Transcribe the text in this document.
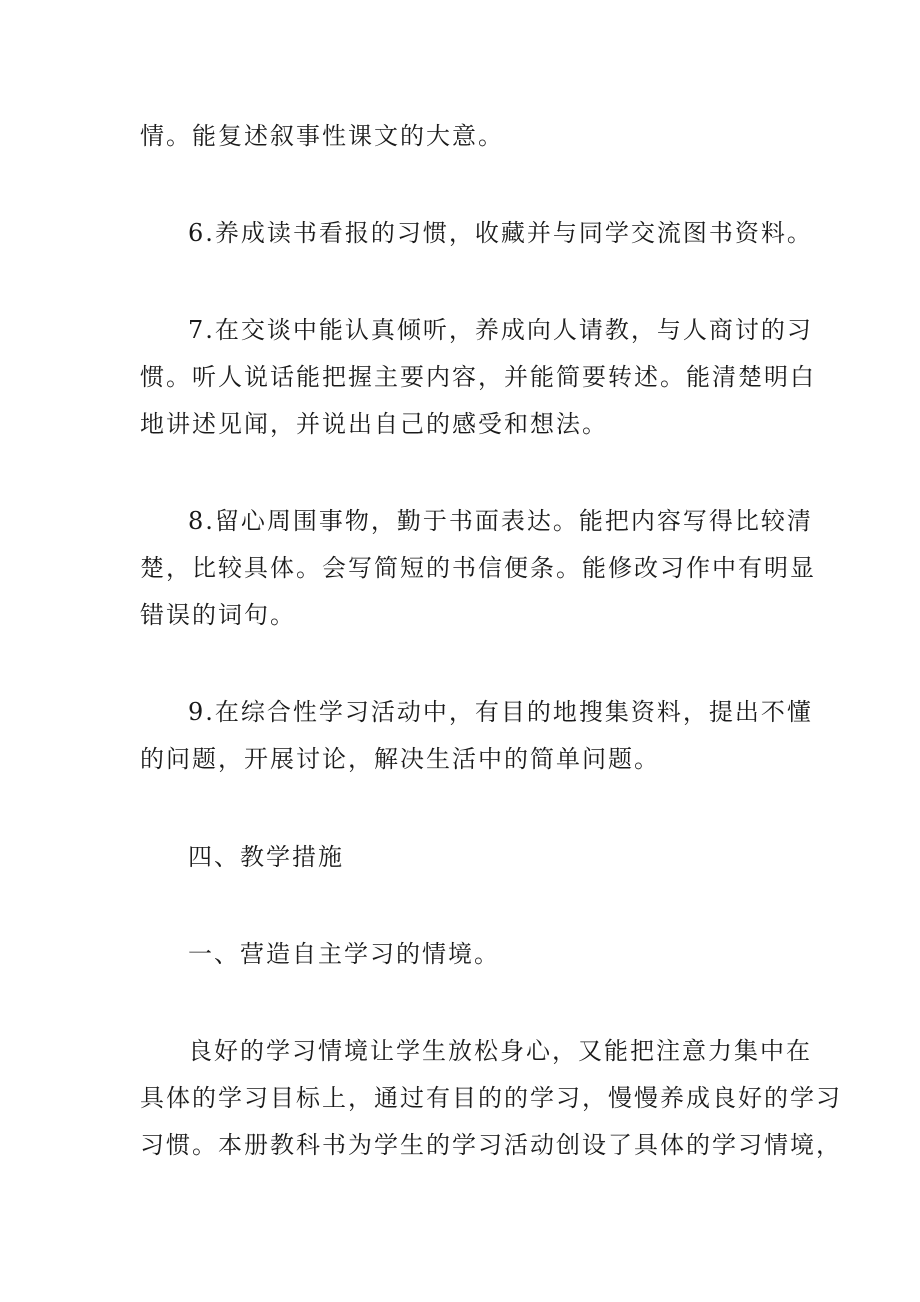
情。能复述叙事性课文的大意。
6.养成读书看报的习惯，收藏并与同学交流图书资料。
7.在交谈中能认真倾听，养成向人请教，与人商讨的习
惯。听人说话能把握主要内容，并能简要转述。能清楚明白
地讲述见闻，并说出自己的感受和想法。
8.留心周围事物，勤于书面表达。能把内容写得比较清
楚，比较具体。会写简短的书信便条。能修改习作中有明显
错误的词句。
9.在综合性学习活动中，有目的地搜集资料，提出不懂
的问题，开展讨论，解决生活中的简单问题。
四、教学措施
一、营造自主学习的情境。
良好的学习情境让学生放松身心，又能把注意力集中在
具体的学习目标上，通过有目的的学习，慢慢养成良好的学习
习惯。本册教科书为学生的学习活动创设了具体的学习情境，
